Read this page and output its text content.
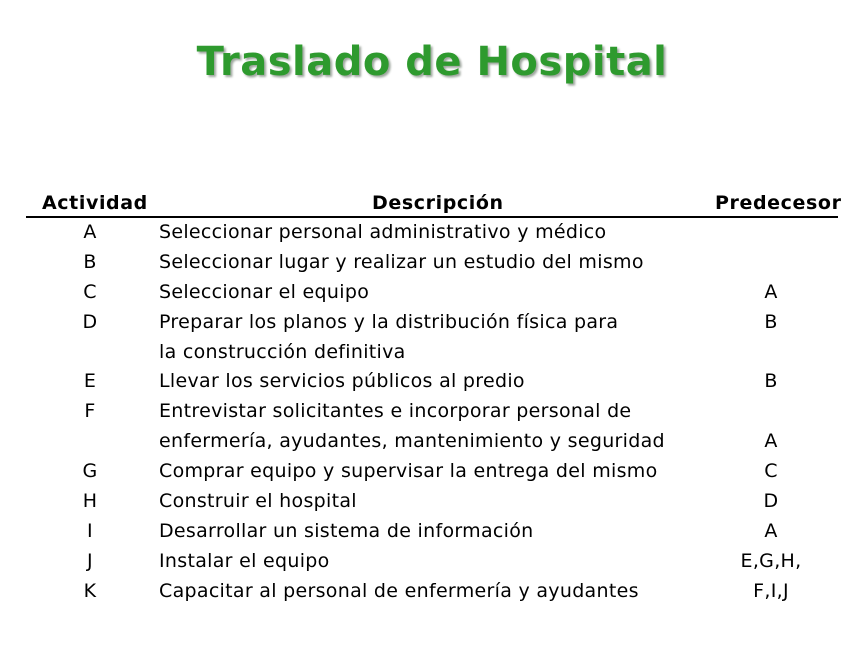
Traslado de Hospital
Actividad	Descripción	Predecesor
A	Seleccionar personal administrativo y médico
B	Seleccionar lugar y realizar un estudio del mismo
C	Seleccionar el equipo	A
D	Preparar los planos y la distribución física para	B
la construcción definitiva
E	Llevar los servicios públicos al predio	B
F	Entrevistar solicitantes e incorporar personal de
enfermería, ayudantes, mantenimiento y seguridad	A
G	Comprar equipo y supervisar la entrega del mismo	C
H	Construir el hospital	D
I	Desarrollar un sistema de información	A
J	Instalar el equipo	E,G,H,
K	Capacitar al personal de enfermería y ayudantes	F,I,J
